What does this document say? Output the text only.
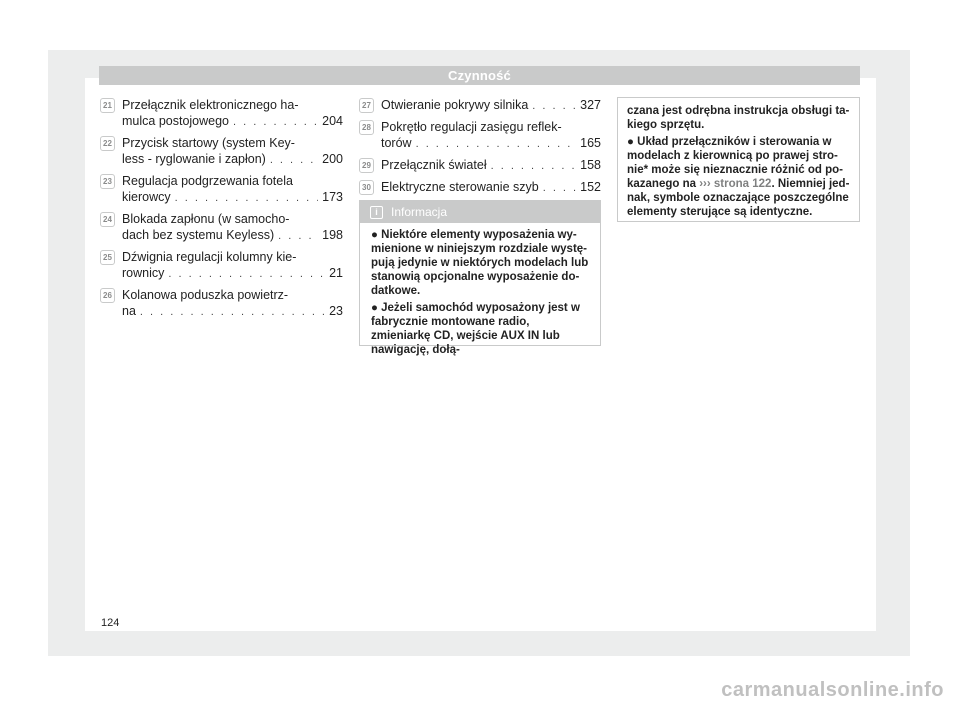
Czynność
21 Przełącznik elektronicznego ha-
mulca postojowego . . .	204
22 Przycisk startowy (system Key-
less - ryglowanie i zapłon) . . .	200
23 Regulacja podgrzewania fotela
kierowcy . . .	173
24 Blokada zapłonu (w samocho-
dach bez systemu Keyless) . . .	198
25 Dźwignia regulacji kolumny kie-
rownicy . . .	21
26 Kolanowa poduszka powietrz-
na . . .	23
27 Otwieranie pokrywy silnika . . .	327
28 Pokrętło regulacji zasięgu reflek-
torów . . .	165
29 Przełącznik świateł . . .	158
30 Elektryczne sterowanie szyb . . .	152
i	Informacja

● Niektóre elementy wyposażenia wy-mienione w niniejszym rozdziale wystę-pują jedynie w niektórych modelach lub stanowią opcjonalne wyposażenie do-datkowe.

● Jeżeli samochód wyposażony jest w fabrycznie montowane radio, zmieniarkę CD, wejście AUX IN lub nawigację, dołą-

czana jest odrębna instrukcja obsługi ta-kiego sprzętu.

● Układ przełączników i sterowania w modelach z kierownicą po prawej stro-nie* może się nieznacznie różnić od po-kazanego na ››› strona 122. Niemniej jed-nak, symbole oznaczające poszczególne elementy sterujące są identyczne.

124
carmanualsonline.info
